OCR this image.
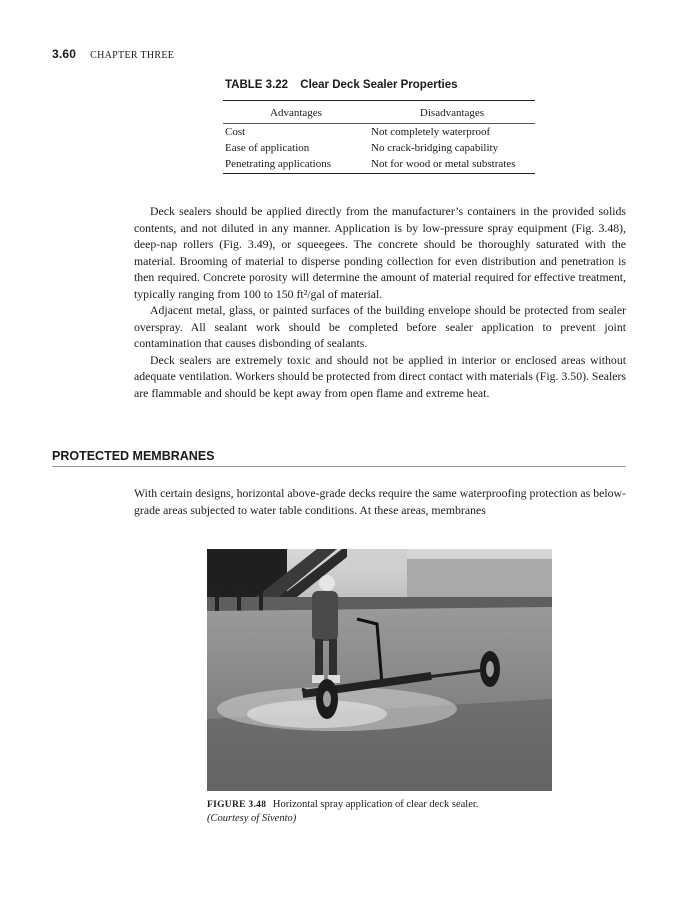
3.60 CHAPTER THREE
TABLE 3.22 Clear Deck Sealer Properties
Advantages	Disadvantages
Cost	Not completely waterproof
Ease of application	No crack-bridging capability
Penetrating applications	Not for wood or metal substrates

Deck sealers should be applied directly from the manufacturer’s containers in the provided solids contents, and not diluted in any manner. Application is by low-pressure spray equipment (Fig. 3.48), deep-nap rollers (Fig. 3.49), or squeegees. The concrete should be thoroughly saturated with the material. Brooming of material to disperse ponding collection for even distribution and penetration is then required. Concrete porosity will determine the amount of material required for effective treatment, typically ranging from 100 to 150 ft²/gal of material.

Adjacent metal, glass, or painted surfaces of the building envelope should be protected from sealer overspray. All sealant work should be completed before sealer application to prevent joint contamination that causes disbonding of sealants.

Deck sealers are extremely toxic and should not be applied in interior or enclosed areas without adequate ventilation. Workers should be protected from direct contact with materials (Fig. 3.50). Sealers are flammable and should be kept away from open flame and extreme heat.

PROTECTED MEMBRANES

With certain designs, horizontal above-grade decks require the same waterproofing protection as below-grade areas subjected to water table conditions. At these areas, membranes

FIGURE 3.48 Horizontal spray application of clear deck sealer.
(Courtesy of Sivento)
